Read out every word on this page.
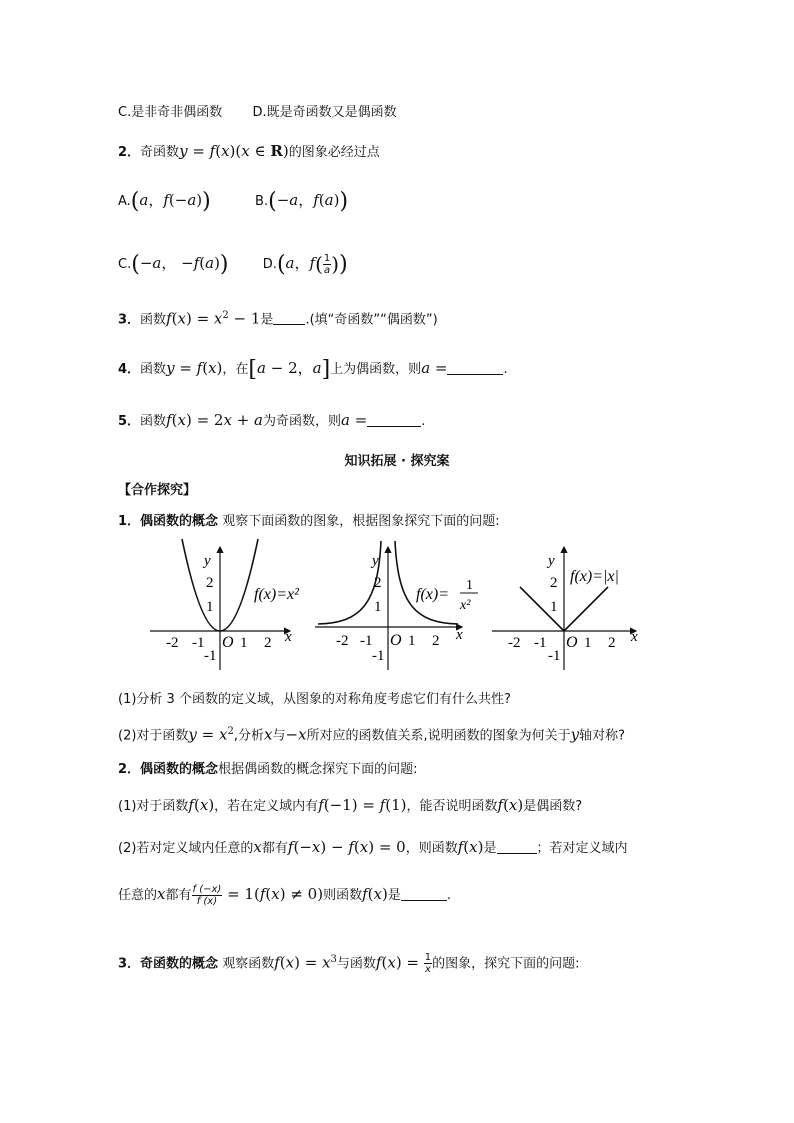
C.是非奇非偶函数 D.既是奇函数又是偶函数
2．奇函数y = f(x)(x ∈ R)的图象必经过点
A.(a，f(−a))	B.(−a，f(a))
C.(−a， −f(a))	D.(a，$f( \frac{1}{a}$ ))
3．函数$f(x) = x^2 - 1$是 .(填“奇函数”“偶函数”)
4．函数y = f(x)，在[a − 2，a]上为偶函数，则a =	.
5．函数f(x) = 2x + a为奇函数，则a =	.
知识拓展 · 探究案
【合作探究】
1．偶函数的概念 观察下面函数的图象，根据图象探究下面的问题:
y
2
1
-1
-2 -1 O 1 2 x
f(x)=x²
y
2
1
-1
-2 -1 O 1 2 x
f(x)=
1
x²
y
2
1
-1
-2 -1 O 1 2 x
f(x)=|x|
(1)分析 3 个函数的定义域，从图象的对称角度考虑它们有什么共性?
(2)对于函数$y = x^2$,分析x与−x所对应的函数值关系,说明函数的图象为何关于y轴对称?
2．偶函数的概念根据偶函数的概念探究下面的问题:
(1)对于函数f(x)，若在定义域内有f(−1) = f(1)，能否说明函数f(x)是偶函数?
(2)若对定义域内任意的x都有f(−x) − f(x) = 0，则函数f(x)是	；若对定义域内
任意的x都有 $\frac{f (-x)}{f (x)} = 1(f(x) \ne 0)$则函数f(x)是	.
3．奇函数的概念 观察函数$f(x) = x^3$与函数$f(x) = \frac{1}{x}$ 的图象，探究下面的问题:
